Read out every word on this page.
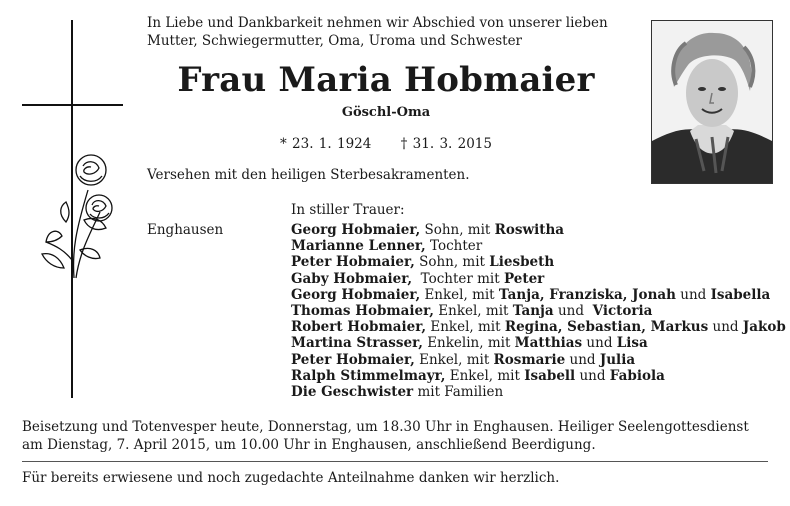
In Liebe und Dankbarkeit nehmen wir Abschied von unserer lieben
Mutter, Schwiegermutter, Oma, Uroma und Schwester
Frau Maria Hobmaier
Göschl-Oma
* 23. 1. 1924 † 31. 3. 2015
Versehen mit den heiligen Sterbesakramenten.
In stiller Trauer:
Enghausen	Georg Hobmaier, Sohn, mit Roswitha
Marianne Lenner, Tochter
Peter Hobmaier, Sohn, mit Liesbeth
Gaby Hobmaier,  Tochter mit Peter
Georg Hobmaier, Enkel, mit Tanja, Franziska, Jonah und Isabella
Thomas Hobmaier, Enkel, mit Tanja und  Victoria
Robert Hobmaier, Enkel, mit Regina, Sebastian, Markus und Jakob
Martina Strasser, Enkelin, mit Matthias und Lisa
Peter Hobmaier, Enkel, mit Rosmarie und Julia
Ralph Stimmelmayr, Enkel, mit Isabell und Fabiola
Die Geschwister mit Familien
Beisetzung und Totenvesper heute, Donnerstag, um 18.30 Uhr in Enghausen. Heiliger Seelengottesdienst
am Dienstag, 7. April 2015, um 10.00 Uhr in Enghausen, anschließend Beerdigung.
Für bereits erwiesene und noch zugedachte Anteilnahme danken wir herzlich.
